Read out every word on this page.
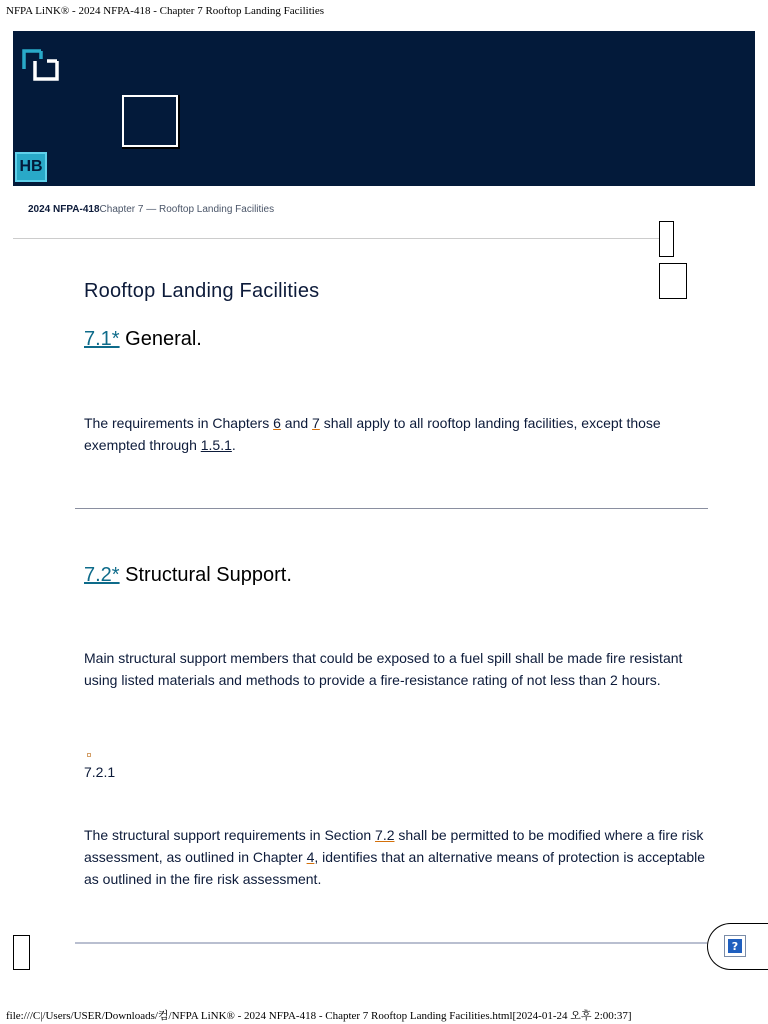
NFPA LiNK® - 2024 NFPA-418 - Chapter 7 Rooftop Landing Facilities
HB
2024 NFPA-418Chapter 7 — Rooftop Landing Facilities
Rooftop Landing Facilities
7.1* General.

The requirements in Chapters 6 and 7 shall apply to all rooftop landing facilities, except those exempted through 1.5.1.

7.2* Structural Support.

Main structural support members that could be exposed to a fuel spill shall be made fire resistant using listed materials and methods to provide a fire-resistance rating of not less than 2 hours.

7.2.1

The structural support requirements in Section 7.2 shall be permitted to be modified where a fire risk assessment, as outlined in Chapter 4, identifies that an alternative means of protection is acceptable as outlined in the fire risk assessment.

?
file:///C|/Users/USER/Downloads/컴/NFPA LiNK® - 2024 NFPA-418 - Chapter 7 Rooftop Landing Facilities.html[2024-01-24 오후 2:00:37]
